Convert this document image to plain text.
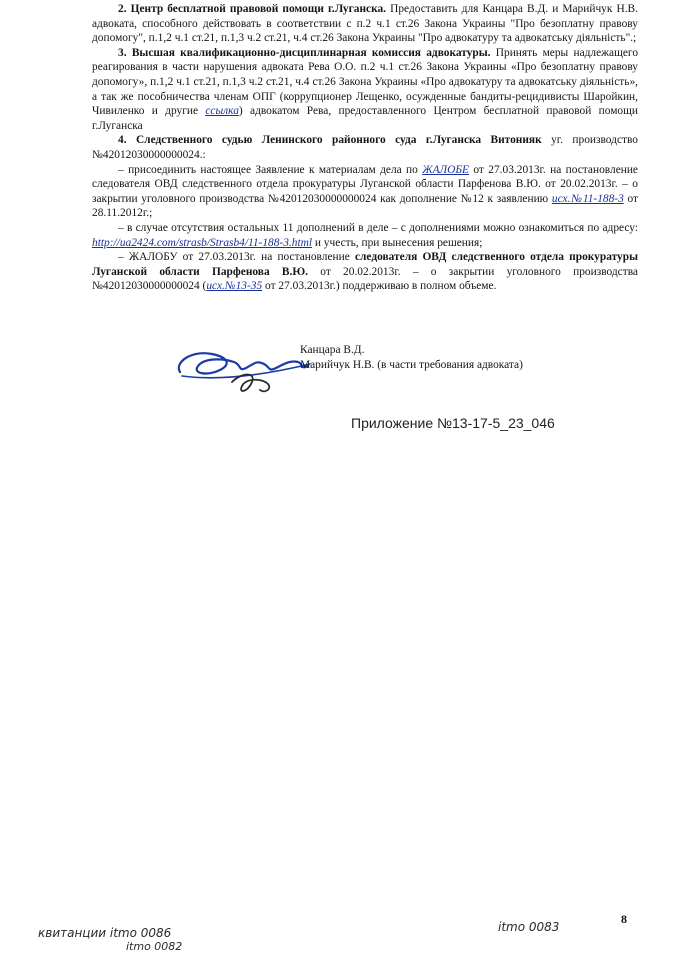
2. Центр бесплатной правовой помощи г.Луганска. Предоставить для Канцара В.Д. и Марийчук Н.В. адвоката, способного действовать в соответствии с п.2 ч.1 ст.26 Закона Украины "Про безоплатну правову допомогу", п.1,2 ч.1 ст.21, п.1,3 ч.2 ст.21, ч.4 ст.26 Закона Украины "Про адвокатуру та адвокатську діяльність".;

3. Высшая квалификационно-дисциплинарная комиссия адвокатуры. Принять меры надлежащего реагирования в части нарушения адвоката Рева О.О. п.2 ч.1 ст.26 Закона Украины «Про безоплатну правову допомогу», п.1,2 ч.1 ст.21, п.1,3 ч.2 ст.21, ч.4 ст.26 Закона Украины «Про адвокатуру та адвокатську діяльність», а так же пособничества членам ОПГ (коррупционер Лещенко, осужденные бандиты-рецидивисты Шаройкин, Чивиленко и другие ссылка) адвокатом Рева, предоставленного Центром бесплатной правовой помощи г.Луганска

4. Следственного судью Ленинского районного суда г.Луганска Витонияк уг. производство №42012030000000024.:

– присоединить настоящее Заявление к материалам дела по ЖАЛОБЕ от 27.03.2013г. на постановление следователя ОВД следственного отдела прокуратуры Луганской области Парфенова В.Ю. от 20.02.2013г. – о закрытии уголовного производства №42012030000000024 как дополнение №12 к заявлению исх.№11-188-3 от 28.11.2012г.;

– в случае отсутствия остальных 11 дополнений в деле – с дополнениями можно ознакомиться по адресу: http://ua2424.com/strasb/Strasb4/11-188-3.html и учесть, при вынесения решения;

– ЖАЛОБУ от 27.03.2013г. на постановление следователя ОВД следственного отдела прокуратуры Луганской области Парфенова В.Ю. от 20.02.2013г. – о закрытии уголовного производства №42012030000000024 (исх.№13-35 от 27.03.2013г.) поддерживаю в полном объеме.

Канцара В.Д.
Марийчук Н.В. (в части требования адвоката)
Приложение №13-17-5_23_046
квитанции itmo 0086
itmo 0082
itmo 0083
8
